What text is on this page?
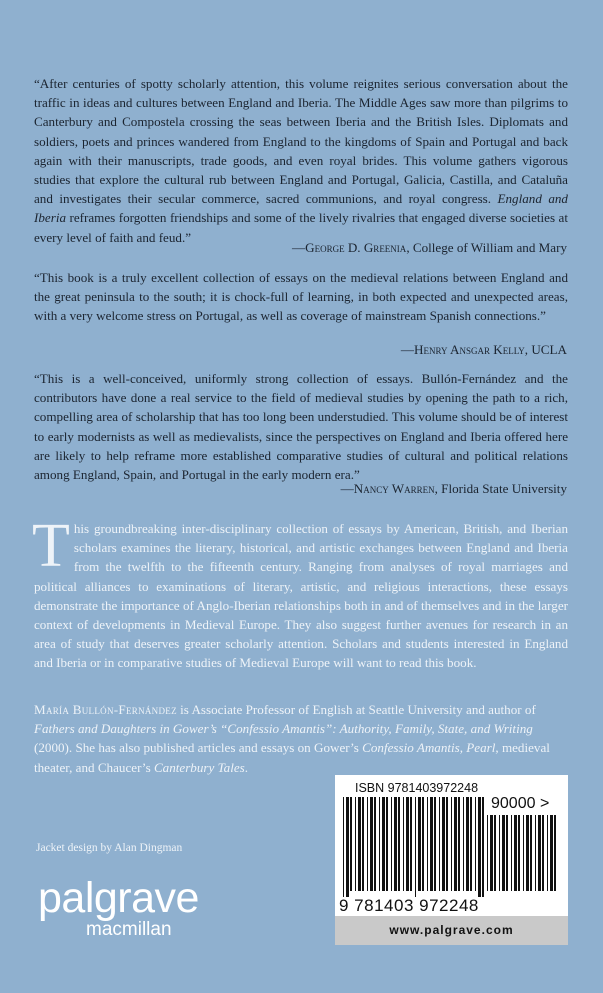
“After centuries of spotty scholarly attention, this volume reignites serious conversation about the traffic in ideas and cultures between England and Iberia. The Middle Ages saw more than pilgrims to Canterbury and Compostela crossing the seas between Iberia and the British Isles. Diplomats and soldiers, poets and princes wandered from England to the kingdoms of Spain and Portugal and back again with their manuscripts, trade goods, and even royal brides. This volume gathers vigorous studies that explore the cultural rub between England and Portugal, Galicia, Castilla, and Cataluña and investigates their secular commerce, sacred communions, and royal congress. England and Iberia reframes forgotten friendships and some of the lively rivalries that engaged diverse societies at every level of faith and feud.”
—George D. Greenia, College of William and Mary
“This book is a truly excellent collection of essays on the medieval relations between England and the great peninsula to the south; it is chock-full of learning, in both expected and unexpected areas, with a very welcome stress on Portugal, as well as coverage of mainstream Spanish connections.”
—Henry Ansgar Kelly, UCLA
“This is a well-conceived, uniformly strong collection of essays. Bullón-Fernández and the contributors have done a real service to the field of medieval studies by opening the path to a rich, compelling area of scholarship that has too long been understudied. This volume should be of interest to early modernists as well as medievalists, since the perspectives on England and Iberia offered here are likely to help reframe more established comparative studies of cultural and political relations among England, Spain, and Portugal in the early modern era.”
—Nancy Warren, Florida State University
This groundbreaking inter-disciplinary collection of essays by American, British, and Iberian scholars examines the literary, historical, and artistic exchanges between England and Iberia from the twelfth to the fifteenth century. Ranging from analyses of royal marriages and political alliances to examinations of literary, artistic, and religious interactions, these essays demonstrate the importance of Anglo-Iberian relationships both in and of themselves and in the larger context of developments in Medieval Europe. They also suggest further avenues for research in an area of study that deserves greater scholarly attention. Scholars and students interested in England and Iberia or in comparative studies of Medieval Europe will want to read this book.
María Bullón-Fernández is Associate Professor of English at Seattle University and author of Fathers and Daughters in Gower’s “Confessio Amantis”: Authority, Family, State, and Writing (2000). She has also published articles and essays on Gower’s Confessio Amantis, Pearl, medieval theater, and Chaucer’s Canterbury Tales.
Jacket design by Alan Dingman
palgrave
macmillan
ISBN 9781403972248
90000 >
9 781403 972248
www.palgrave.com
